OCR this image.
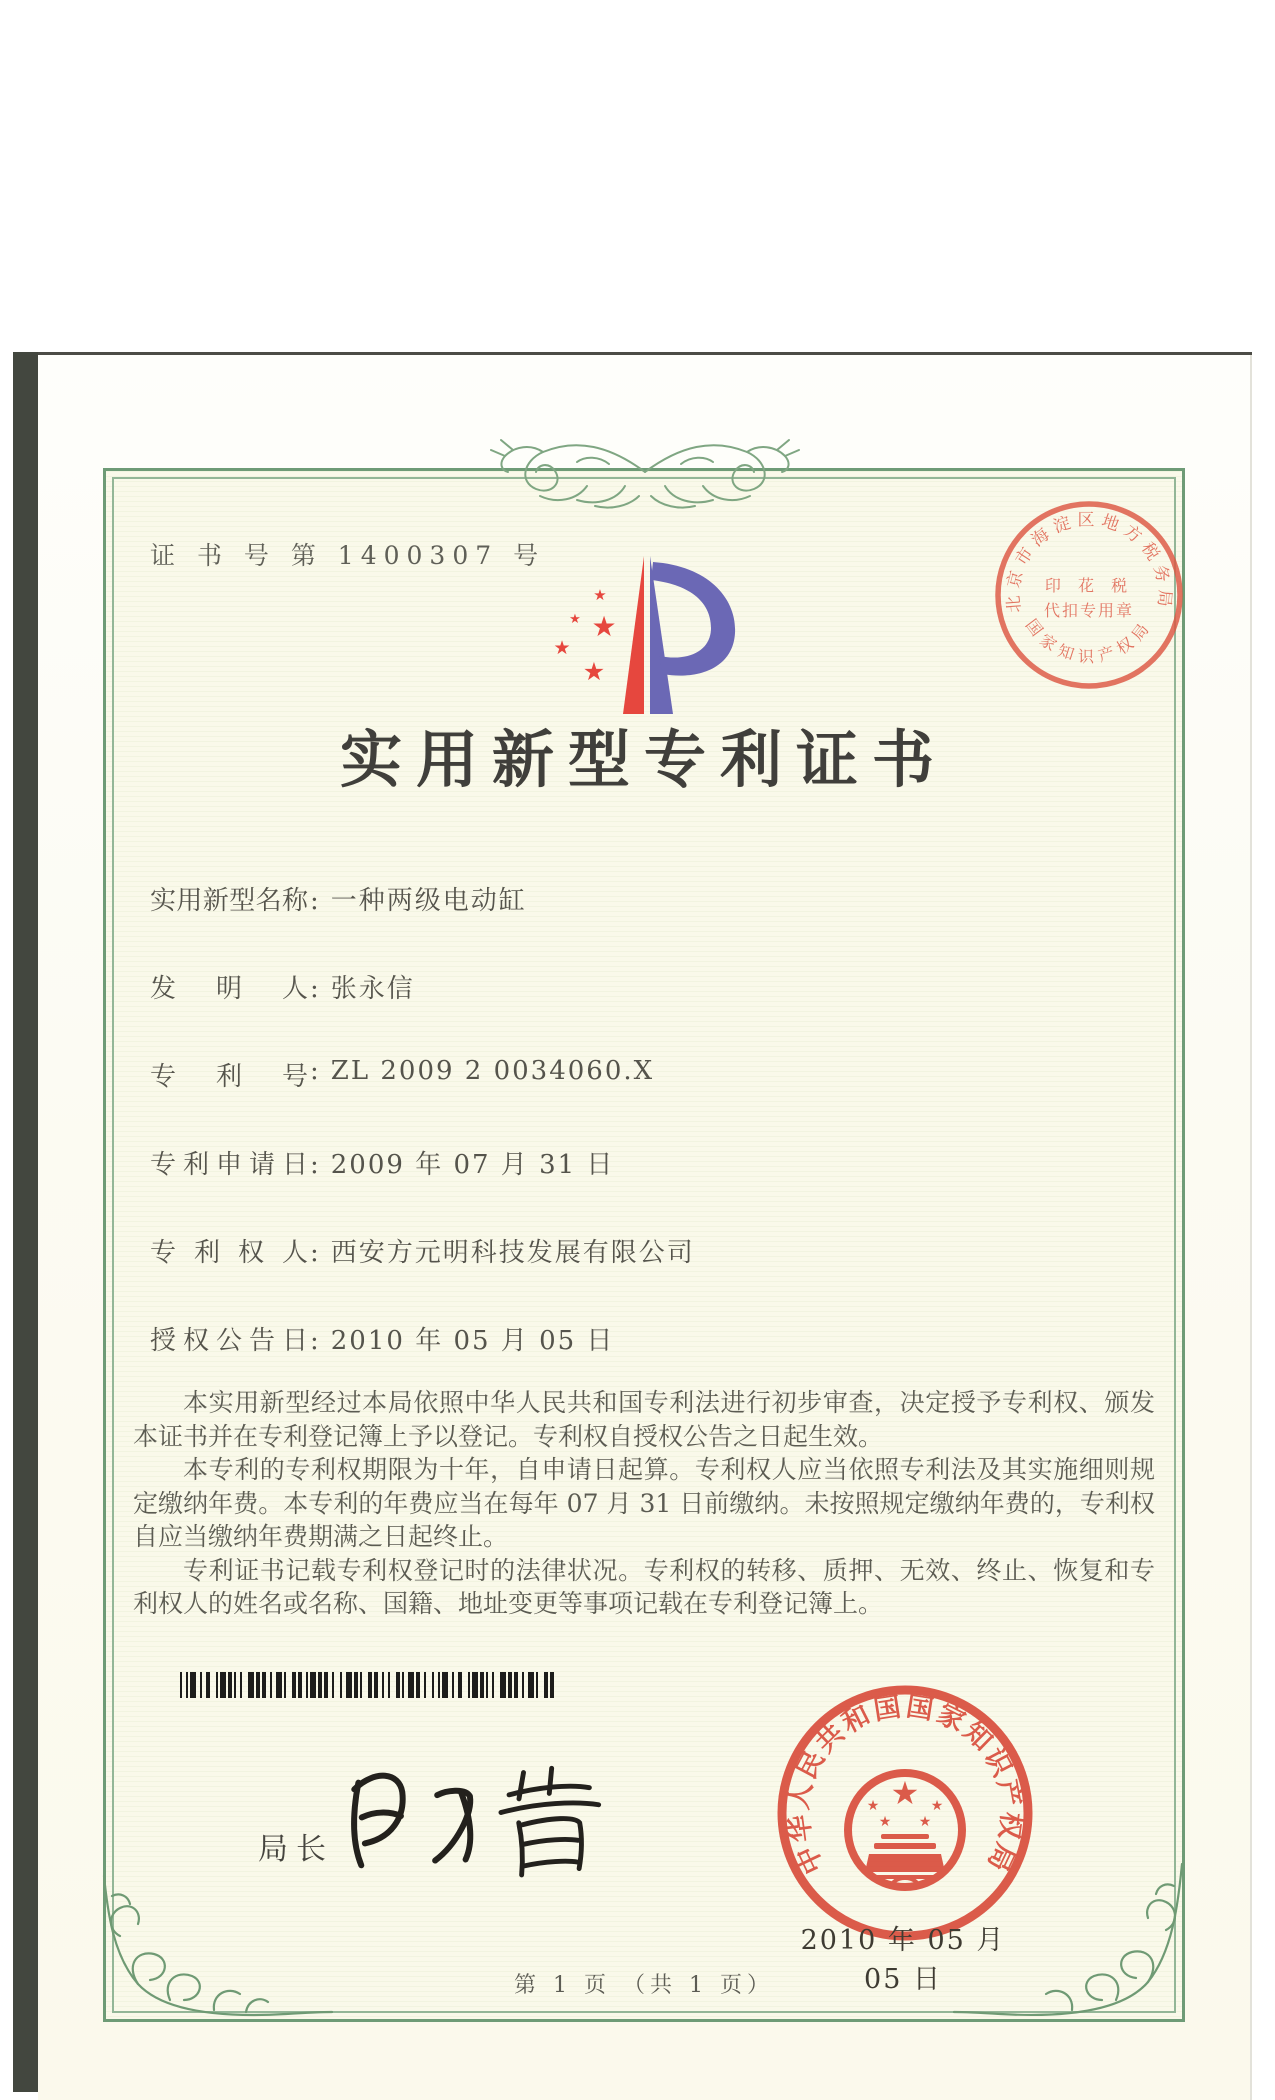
证 书 号 第 1400307 号
★
★ ★
★
★
实用新型专利证书
北京市海淀区地方税务局
国家知识产权局
印 花 税
代扣专用章
实用新型名称: 一种两级电动缸
发明人: 张永信
专利号: ZL 2009 2 0034060.X
专利申请日: 2009 年 07 月 31 日
专利权人: 西安方元明科技发展有限公司
授权公告日: 2010 年 05 月 05 日

本实用新型经过本局依照中华人民共和国专利法进行初步审查，决定授予专利权、颁发本证书并在专利登记簿上予以登记。专利权自授权公告之日起生效。

本专利的专利权期限为十年，自申请日起算。专利权人应当依照专利法及其实施细则规定缴纳年费。本专利的年费应当在每年 07 月 31 日前缴纳。未按照规定缴纳年费的，专利权自应当缴纳年费期满之日起终止。

专利证书记载专利权登记时的法律状况。专利权的转移、质押、无效、终止、恢复和专利权人的姓名或名称、国籍、地址变更等事项记载在专利登记簿上。

局长	中华人民共和国国家知识产权局
★
★	★
★ ★
2010 年 05 月 05 日
第 1 页 （共 1 页）
